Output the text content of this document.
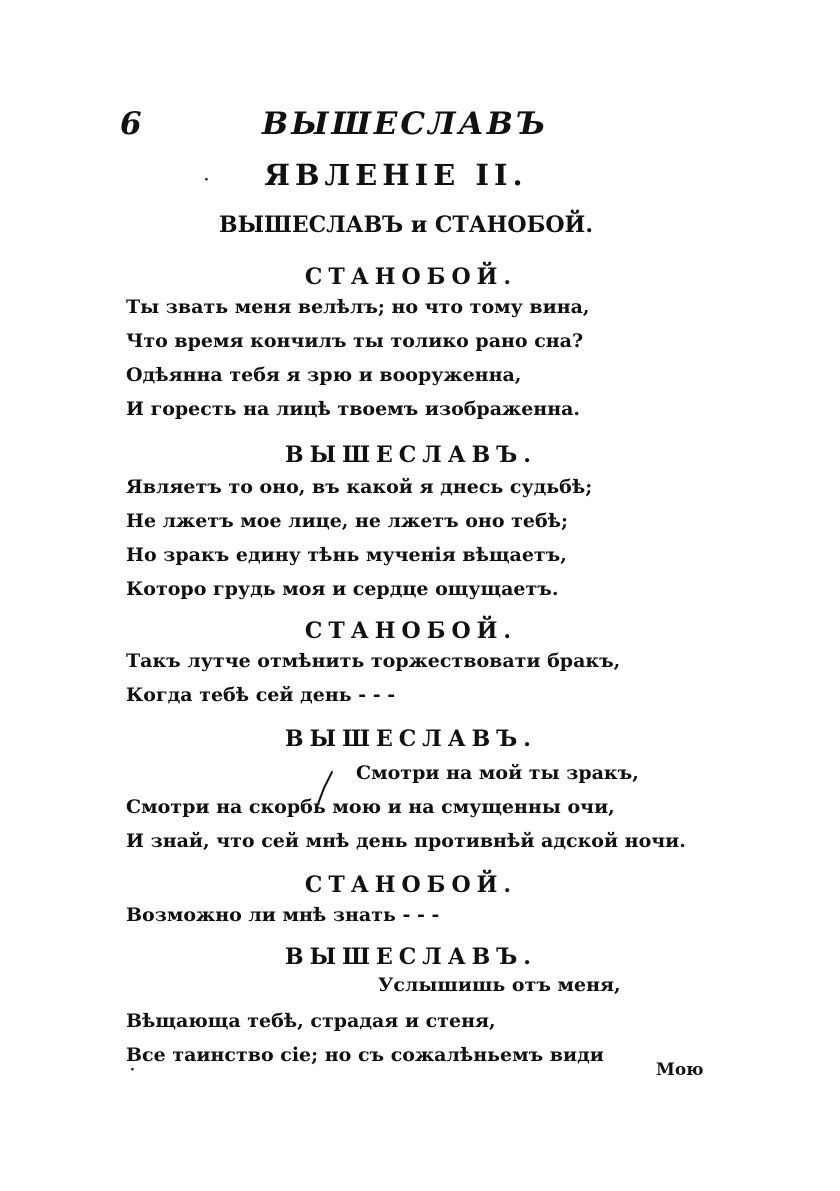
6	ВЫШЕСЛАВЪ
·	ЯВЛЕНІЕ II.
ВЫШЕСЛАВЪ и СТАНОБОЙ.
СТАНОБОЙ.
Ты звать меня велѣлъ; но что тому вина,
Что время кончилъ ты толико рано сна?
Одѣянна тебя я зрю и вооруженна,
И горесть на лицѣ твоемъ изображенна.
ВЫШЕСЛАВЪ.
Являетъ то оно, въ какой я днесь судьбѣ;
Не лжетъ мое лице, не лжетъ оно тебѣ;
Но зракъ едину тѣнь мученія вѣщаетъ,
Которо грудь моя и сердце ощущаетъ.
СТАНОБОЙ.
Такъ лутче отмѣнить торжествовати бракъ,
Когда тебѣ сей день - - -
ВЫШЕСЛАВЪ.
Смотри на мой ты зракъ,
Смотри на скорбь мою и на смущенны очи,
И знай, что сей мнѣ день противнѣй адской ночи.
СТАНОБОЙ.
Возможно ли мнѣ знать - - -
ВЫШЕСЛАВЪ.
Услышишь отъ меня,
Вѣщающа тебѣ, страдая и стеня,
Все таинство сіе; но съ сожалѣньемъ види
·	Мою
